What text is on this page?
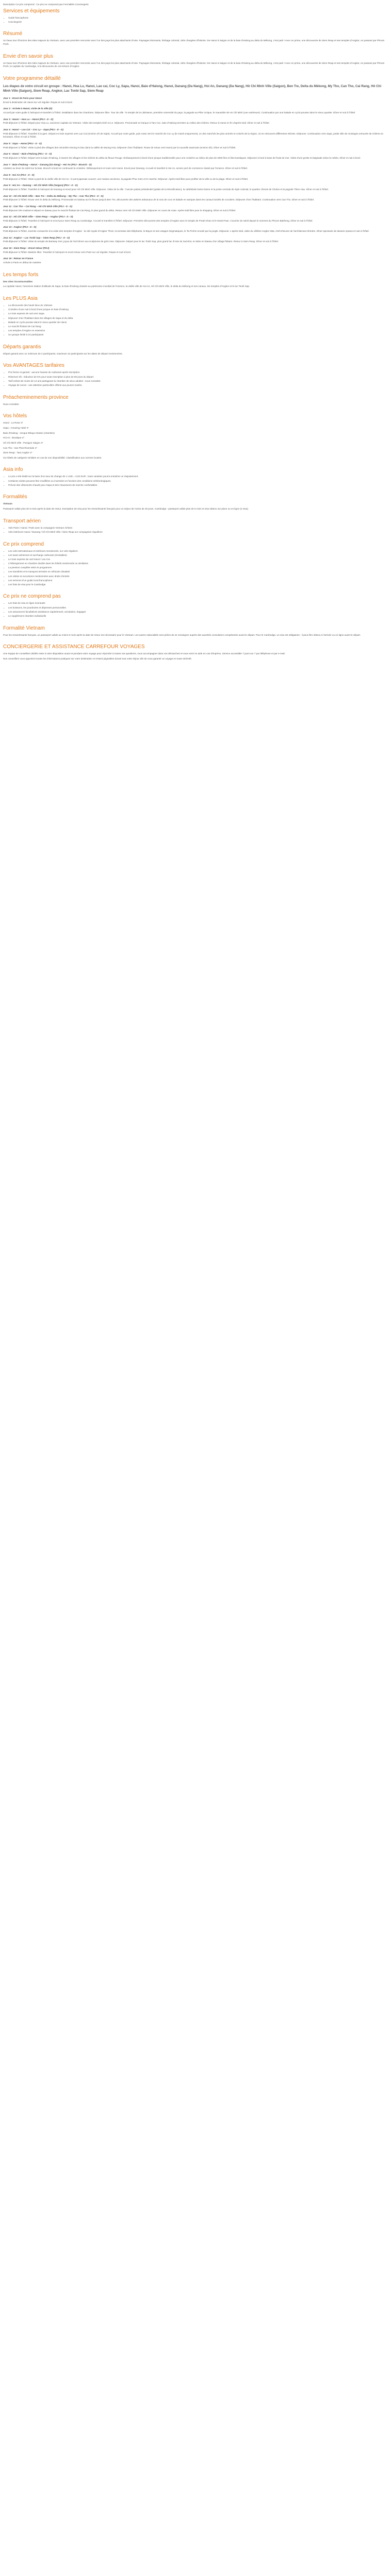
Description Ce prix comprend : Ce prix ne comprend pas Formalités Conciergerie

Services et équipements
• Guide francophone
• Conciergerie
Résumé

Un beau tour d'horizon des sites majeurs du Vietnam, avec une première rencontre avec l'un des pays les plus attachants d'Asie. Paysages étonnants, héritage colonial, cités chargées d'histoire. De Hanoi à Saigon et de la baie d'Halong au delta du Mékong, c'est parti ! Avec en prime, une découverte de Siem Reap et ses temples d'Angkor, en passant par Phnom Penh.

Envie d'en savoir plus

Un beau tour d'horizon des sites majeurs du Vietnam, avec une première rencontre avec l'un des pays les plus attachants d'Asie. Paysages étonnants, héritage colonial, cités chargées d'histoire. De Hanoi à Saigon et de la baie d'Halong au delta du Mékong, c'est parti ! Avec en prime, une découverte de Siem Reap et ses temples d'Angkor, en passant par Phnom Penh, la capitale du Cambodge, à la découverte de ces trésors d'Angkor.

Votre programme détaillé
Les étapes de votre circuit en groupe : Hanoi, Hoa Lu, Hanoi, Lao cai, Coc Ly, Sapa, Hanoi, Baie d'Halong, Hanoi, Danang (Da Nang), Hoi An, Danang (Da Nang), Hô Chi Minh Ville (Saigon), Ben Tre, Delta du Mékong, My Tho, Can Tho, Cai Rang, Hô Chi Minh Ville (Saigon), Siem Reap, Angkor, Lac Tonlé Sap, Siem Reap

Jour 1 : Envol de Paris pour Hanoi

Envol à destination de Hanoi sur vol régulier. Repas et nuit à bord.

Jour 2 : Arrivée à Hanoi, visite de la ville (D)

Accueil par votre guide à l'aéroport et transfert à l'hôtel, installation dans les chambres. Déjeuner libre. Tour de ville : le temple de la Littérature, première université du pays, la pagode au Pilier Unique, le mausolée de Ho Chi Minh (vue extérieure). Continuation par une balade en cyclo-pousse dans le vieux quartier. Dîner et nuit à l'hôtel.

Jour 3 : Hanoi – Hoa Lu – Hanoi (PDJ - D - D)

Petit-déjeuner à l'hôtel. Départ pour Hoa Lu, ancienne capitale du Vietnam. Visite des temples Dinh et Le. Déjeuner. Promenade en barque à Tam Coc, baie d'Halong terrestre au milieu des rizières. Retour à Hanoi en fin d'après-midi. Dîner et nuit à l'hôtel.

Jour 4 : Hanoi – Lao Cai – Coc Ly – Sapa (PDJ - D - D)

Petit-déjeuner à l'hôtel. Transfert à la gare. Départ en train express vers Lao Cai (environ 4h de trajet). Accueil par votre guide, puis route vers le marché de Coc Ly (le mardi uniquement), un des marchés les plus animés et colorés de la région, où se retrouvent différentes ethnies. Déjeuner. Continuation vers Sapa, petite ville de montagne entourée de rizières en terrasses. Dîner et nuit à l'hôtel.

Jour 5 : Sapa – Hanoi (PDJ - D - D)

Petit-déjeuner à l'hôtel. Visite à pied des villages des minorités Hmong et Dao dans la vallée de Muong Hoa. Déjeuner chez l'habitant. Route de retour vers Hanoi par la nouvelle autoroute (environ 5h). Dîner et nuit à l'hôtel.

Jour 6 : Hanoi – Baie d'Halong (PDJ - D - D)

Petit-déjeuner à l'hôtel. Départ vers la baie d'Halong, à travers les villages et les rizières du delta du fleuve Rouge. Embarquement à bord d'une jonque traditionnelle pour une croisière au milieu de plus de 3000 îles et îlots karstiques. Déjeuner à bord à base de fruits de mer. Visite d'une grotte et baignade selon la météo. Dîner et nuit à bord.

Jour 7 : Baie d'Halong – Hanoi – Danang (Da Nang) – Hoi An (PDJ - Brunch - D)

Assistez au lever du soleil sur la baie. Brunch à bord en continuant la croisière. Débarquement et route vers Hanoi. Envol pour Danang. Accueil et transfert à Hoi An, ancien port de commerce classé par l'Unesco. Dîner et nuit à l'hôtel.

Jour 8 : Hoi An (PDJ - D - D)

Petit-déjeuner à l'hôtel. Visite à pied de la vieille ville de Hoi An : le pont japonais couvert, une maison ancienne, la pagode Phuc Kien et le marché. Déjeuner. Après-midi libre pour profiter de la ville ou de la plage. Dîner et nuit à l'hôtel.

Jour 9 : Hoi An – Danang – Hô Chi Minh Ville (Saigon) (PDJ - D - D)

Petit-déjeuner à l'hôtel. Transfert à l'aéroport de Danang et envol pour Hô Chi Minh Ville. Déjeuner. Visite de la ville : l'ancien palais présidentiel (palais de la Réunification), la cathédrale Notre-Dame et la poste centrale de style colonial, le quartier chinois de Cholon et la pagode Thien Hau. Dîner et nuit à l'hôtel.

Jour 10 : Hô Chi Minh Ville – Ben Tre – Delta du Mékong – My Tho – Can Tho (PDJ - D - D)

Petit-déjeuner à l'hôtel. Route vers le delta du Mékong. Promenade en bateau sur le fleuve jusqu'à Ben Tre, découverte des ateliers artisanaux de la noix de coco et balade en sampan dans les canaux bordés de cocotiers. Déjeuner chez l'habitant. Continuation vers Can Tho. Dîner et nuit à l'hôtel.

Jour 11 : Can Tho – Cai Rang – Hô Chi Minh Ville (PDJ - D - D)

Petit-déjeuner très matinal et départ en bateau pour le marché flottant de Cai Rang, le plus grand du delta. Retour vers Hô Chi Minh Ville. Déjeuner en cours de route. Après-midi libre pour le shopping. Dîner et nuit à l'hôtel.

Jour 12 : Hô Chi Minh Ville – Siem Reap – Angkor (PDJ - D - D)

Petit-déjeuner à l'hôtel. Transfert à l'aéroport et envol pour Siem Reap au Cambodge. Accueil et transfert à l'hôtel. Déjeuner. Première découverte des temples d'Angkor avec le temple de Preah Khan et le Neak Pean. Coucher de soleil depuis le sommet du Phnom Bakheng. Dîner et nuit à l'hôtel.

Jour 13 : Angkor (PDJ - D - D)

Petit-déjeuner à l'hôtel. Journée consacrée à la visite des temples d'Angkor : la cité royale d'Angkor Thom, la terrasse des Éléphants, le Bayon et ses visages énigmatiques, le Ta Prohm envahi par la jungle. Déjeuner. L'après-midi, visite du célèbre Angkor Wat, chef-d'œuvre de l'architecture khmère. Dîner spectacle de danses Apsara et nuit à l'hôtel.

Jour 14 : Angkor – Lac Tonlé Sap – Siem Reap (PDJ - D - D)

Petit-déjeuner à l'hôtel. Visite du temple de Banteay Srei, joyau de l'art khmer aux sculptures de grès rose. Déjeuner. Départ pour le lac Tonlé Sap, plus grand lac d'Asie du Sud-Est, et visite en bateau d'un village flottant. Retour à Siem Reap. Dîner et nuit à l'hôtel.

Jour 15 : Siem Reap – Envol retour (PDJ)

Petit-déjeuner à l'hôtel. Matinée libre. Transfert à l'aéroport et envol retour vers Paris sur vol régulier. Repas et nuit à bord.

Jour 16 : Retour en France

Arrivée à Paris en début de matinée.

Les temps forts

Des sites incontournables

La capitale Hanoi, l'ancienne station d'altitude de Sapa, la baie d'Halong classée au patrimoine mondial de l'Unesco, la vieille ville de Hoi An, Hô Chi Minh Ville, le delta du Mékong et ses canaux, les temples d'Angkor et le lac Tonlé Sap.

Les PLUS Asia
• La découverte des hauts lieux du Vietnam
• Croisière d'une nuit à bord d'une jonque en baie d'Halong
• Le train express de nuit vers Sapa
• Déjeuner chez l'habitant dans les villages de Sapa et du delta
• Balade en cyclo-pousse dans le vieux quartier de Hanoi
• Le marché flottant de Cai Rang
• Les temples d'Angkor en extension
• Un groupe limité à 24 participants
Départs garantis

Départ garanti avec un minimum de 2 participants, maximum 24 participants sur les dates de départ mentionnées.

Vos AVANTAGES tarifaires
• Prix ferme et garanti : aucune hausse de carburant après inscription.
• Réservez tôt : réduction de 5% pour toute inscription à plus de 90 jours du départ.
• Tarif enfant de moins de 12 ans partageant la chambre de deux adultes : nous consulter.
• Voyage de noces : une attention particulière offerte aux jeunes mariés.
Préacheminements province

Nous consulter.

Vos hôtels

Hanoi : La Rose 3*

Sapa : Amazing Hotel 4*

Baie d'Halong : Jonque Bhaya Classic (chambre)

Hoi An : Boutique 4*

Hô Chi Minh Ville : Paragon Saigon 4*

Can Tho : Van Phat Riverside 4*

Siem Reap : Tara Angkor 4*

Ou hôtels de catégorie similaire en cas de non disponibilité. Classification aux normes locales.

Asia info
• Le prix a été établi sur la base d'un taux de change de 1 USD = 0,92 EUR ; toute variation pourra entraîner un réajustement.
• Certaines visites peuvent être modifiées ou inversées en fonction des conditions météorologiques.
• Prévoir des vêtements chauds pour Sapa et des chaussures de marche confortables.
Formalités

Vietnam

Passeport valide plus de 6 mois après la date de retour. Exemption de visa pour les ressortissants français pour un séjour de moins de 45 jours. Cambodge : passeport valide plus de 6 mois et visa obtenu sur place ou en ligne (e-visa).

Transport aérien
• Vols Paris / Hanoi / Paris avec la compagnie Vietnam Airlines
• Vols intérieurs Hanoi / Danang / Hô Chi Minh Ville / Siem Reap sur compagnies régulières
Ce prix comprend
• Les vols internationaux et intérieurs mentionnés, sur vols réguliers
• Les taxes aériennes et surcharge carburant (révisables)
• Le train express de nuit Hanoi / Lao Cai
• L'hébergement en chambre double dans les hôtels mentionnés ou similaires
• La pension complète selon le programme
• Les transferts et le transport terrestre en véhicule climatisé
• Les visites et excursions mentionnées avec droits d'entrée
• Les services d'un guide local francophone
• Les frais de visa pour le Cambodge
Ce prix ne comprend pas
• Les frais de visa en ligne éventuels
• Les boissons, les pourboires et dépenses personnelles
• Les assurances facultatives assistance rapatriement, annulation, bagages
• Le supplément chambre individuelle
Formalité Vietnam

Pour les ressortissants français, un passeport valide au moins 6 mois après la date de retour est nécessaire pour le Vietnam. Les autres nationalités sont priées de se renseigner auprès des autorités consulaires compétentes avant le départ. Pour le Cambodge, un visa est obligatoire : il peut être obtenu à l'arrivée ou en ligne avant le départ.

CONCIERGERIE ET ASSISTANCE CARREFOUR VOYAGES

Une équipe de conseillers dédiés reste à votre disposition avant et pendant votre voyage pour répondre à toutes vos questions, vous accompagner dans vos démarches et vous venir en aide en cas d'imprévu. Service accessible 7 jours sur 7 par téléphone et par e-mail.

Nos conseillers vous apportent toutes les informations pratiques sur votre destination et restent joignables durant tout votre séjour afin de vous garantir un voyage en toute sérénité.
